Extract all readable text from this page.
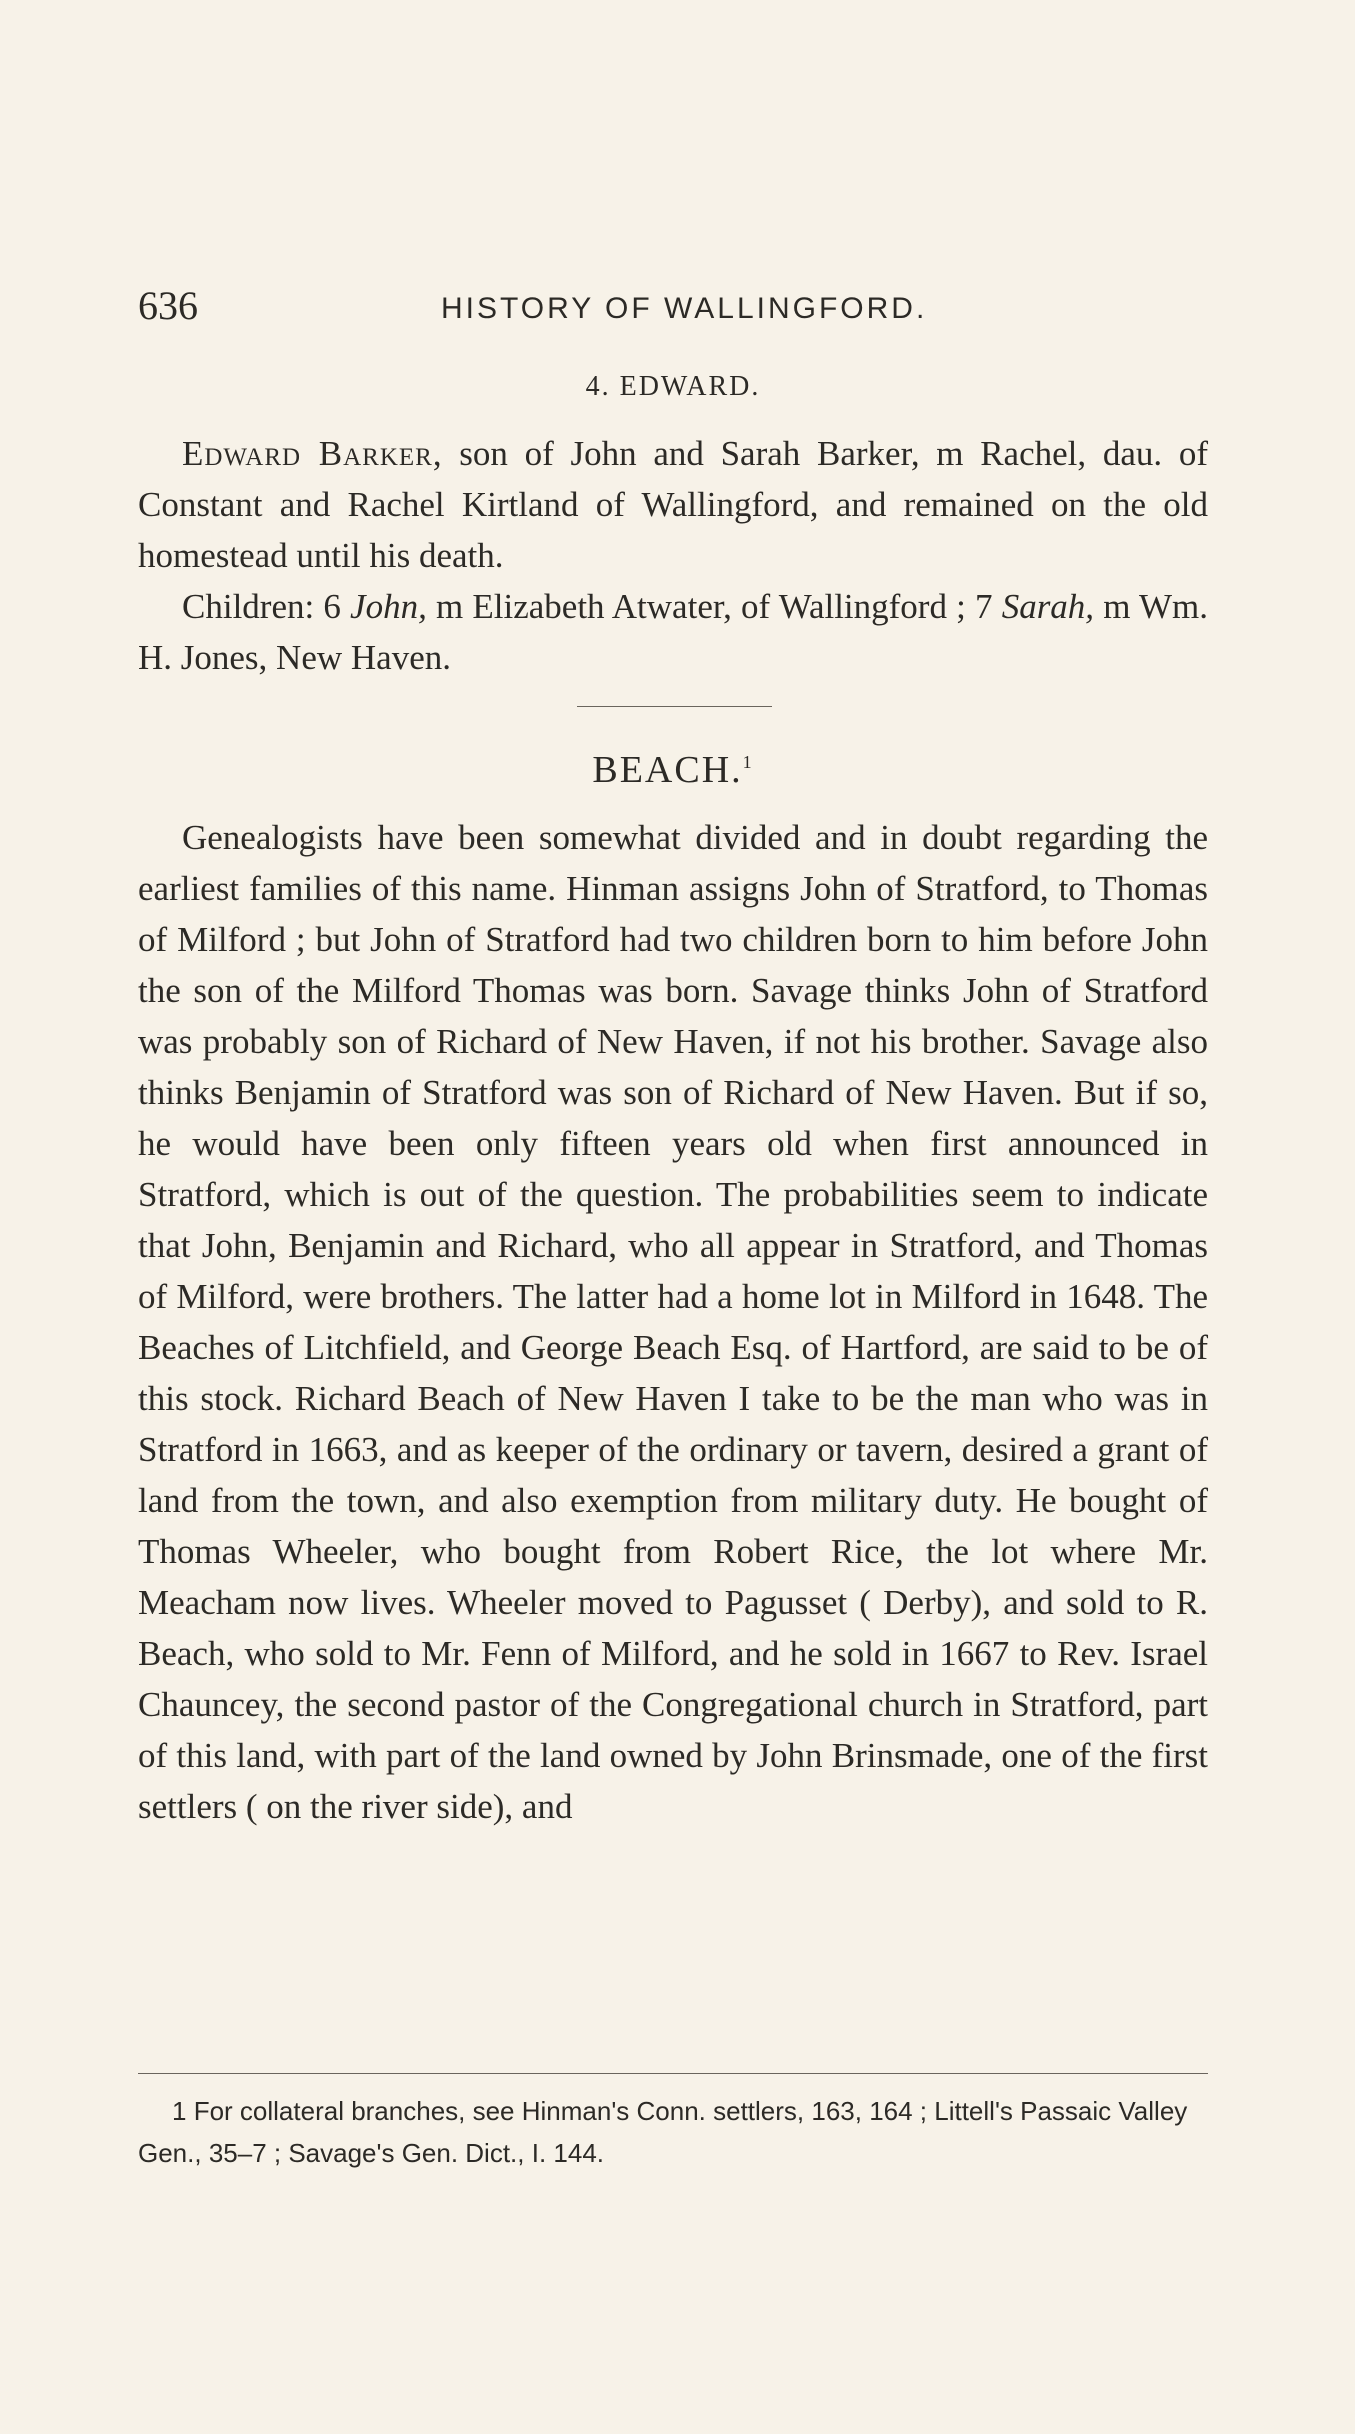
636	HISTORY OF WALLINGFORD.
4. EDWARD.

Edward Barker, son of John and Sarah Barker, m Rachel, dau. of Constant and Rachel Kirtland of Wallingford, and remained on the old homestead until his death.

Children: 6 John, m Elizabeth Atwater, of Wallingford ; 7 Sarah, m Wm. H. Jones, New Haven.

BEACH.$^1$

Genealogists have been somewhat divided and in doubt regarding the earliest families of this name. Hinman assigns John of Stratford, to Thomas of Milford ; but John of Stratford had two children born to him before John the son of the Milford Thomas was born. Savage thinks John of Stratford was probably son of Richard of New Haven, if not his brother. Savage also thinks Benjamin of Stratford was son of Richard of New Haven. But if so, he would have been only fifteen years old when first announced in Stratford, which is out of the question. The probabilities seem to indicate that John, Benjamin and Richard, who all appear in Stratford, and Thomas of Milford, were brothers. The latter had a home lot in Milford in 1648. The Beaches of Litchfield, and George Beach Esq. of Hartford, are said to be of this stock. Richard Beach of New Haven I take to be the man who was in Stratford in 1663, and as keeper of the ordinary or tavern, desired a grant of land from the town, and also exemption from military duty. He bought of Thomas Wheeler, who bought from Robert Rice, the lot where Mr. Meacham now lives. Wheeler moved to Pagusset ( Derby), and sold to R. Beach, who sold to Mr. Fenn of Milford, and he sold in 1667 to Rev. Israel Chauncey, the second pastor of the Congregational church in Stratford, part of this land, with part of the land owned by John Brinsmade, one of the first settlers ( on the river side), and

1 For collateral branches, see Hinman's Conn. settlers, 163, 164 ; Littell's Passaic Valley Gen., 35–7 ; Savage's Gen. Dict., I. 144.
